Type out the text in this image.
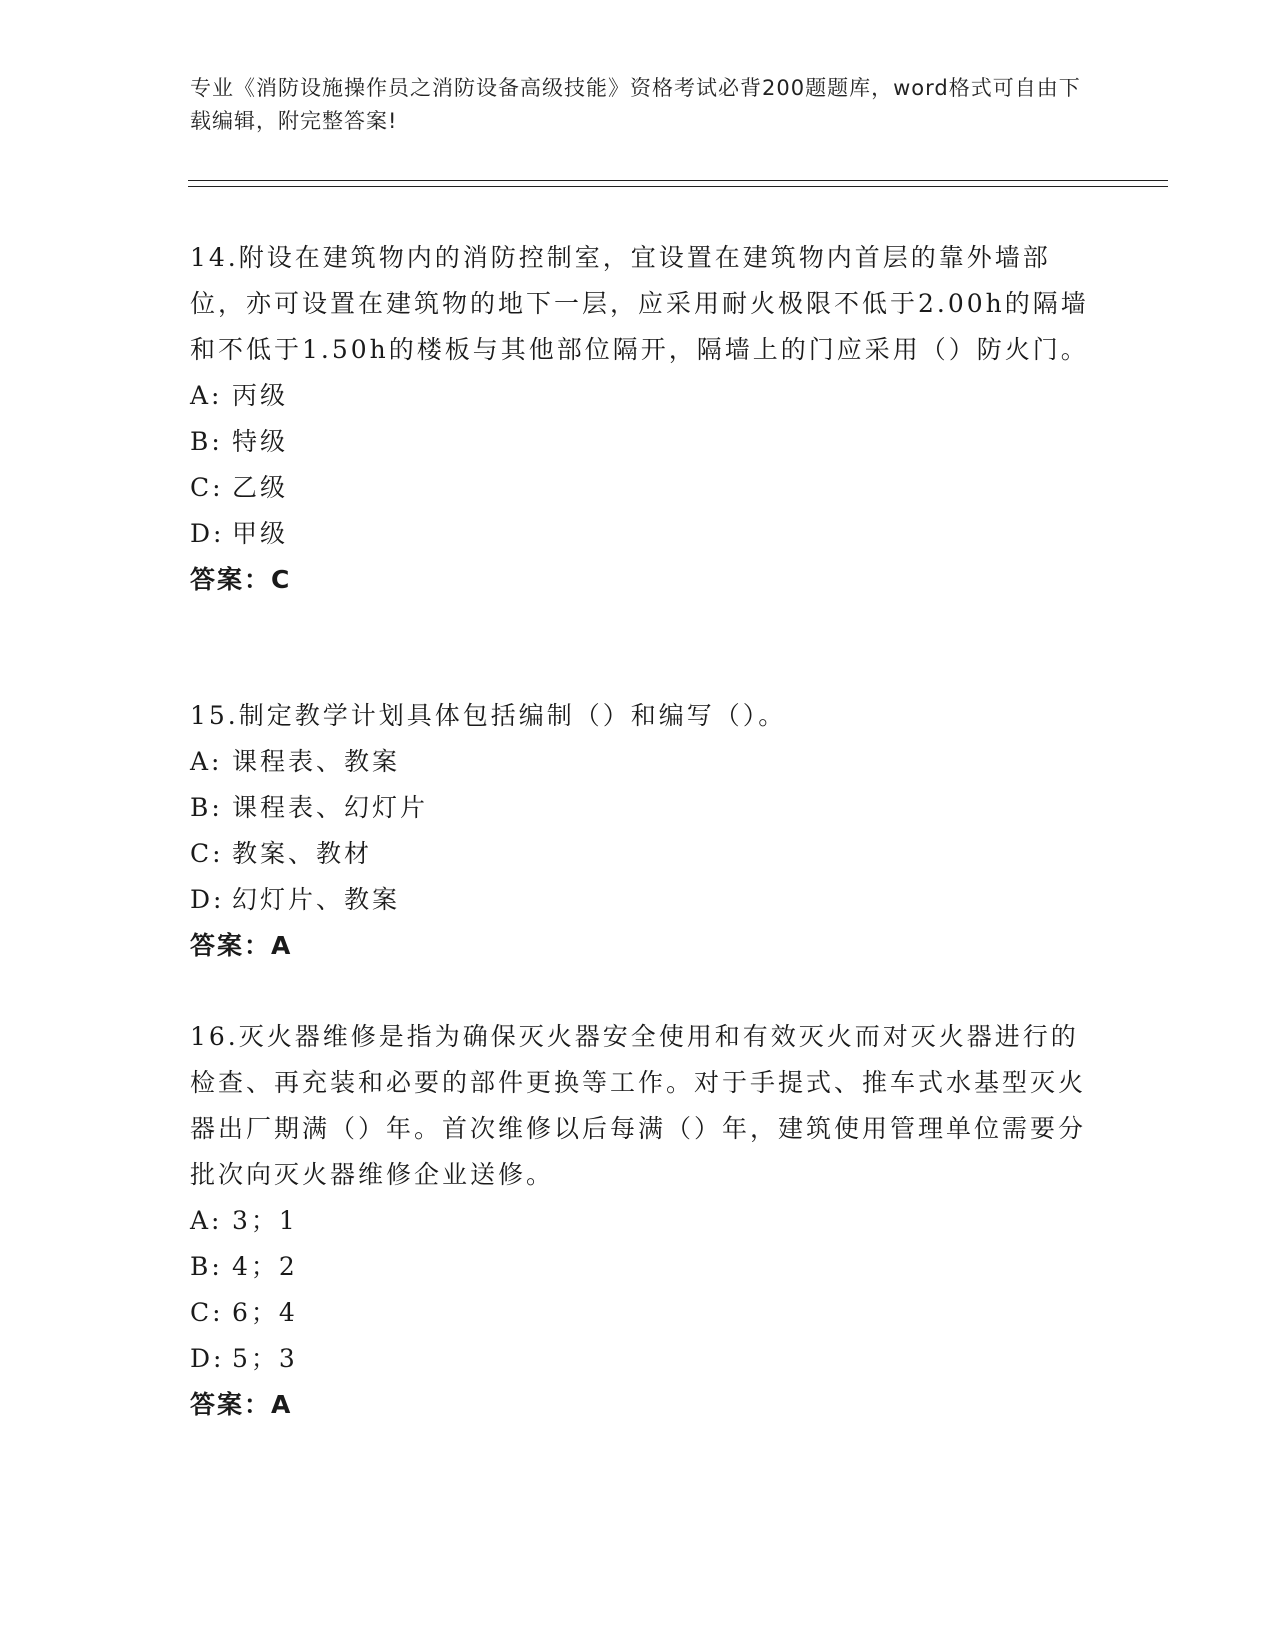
专业《消防设施操作员之消防设备高级技能》资格考试必背200题题库，word格式可自由下载编辑，附完整答案!

14.附设在建筑物内的消防控制室，宜设置在建筑物内首层的靠外墙部位，亦可设置在建筑物的地下一层，应采用耐火极限不低于2.00h的隔墙和不低于1.50h的楼板与其他部位隔开，隔墙上的门应采用（）防火门。

A: 丙级

B: 特级

C: 乙级

D: 甲级

答案：C

15.制定教学计划具体包括编制（）和编写（）。

A: 课程表、教案

B: 课程表、幻灯片

C: 教案、教材

D: 幻灯片、教案

答案：A

16.灭火器维修是指为确保灭火器安全使用和有效灭火而对灭火器进行的检查、再充装和必要的部件更换等工作。对于手提式、推车式水基型灭火器出厂期满（）年。首次维修以后每满（）年，建筑使用管理单位需要分批次向灭火器维修企业送修。

A: 3；1

B: 4；2

C: 6；4

D: 5；3

答案：A
